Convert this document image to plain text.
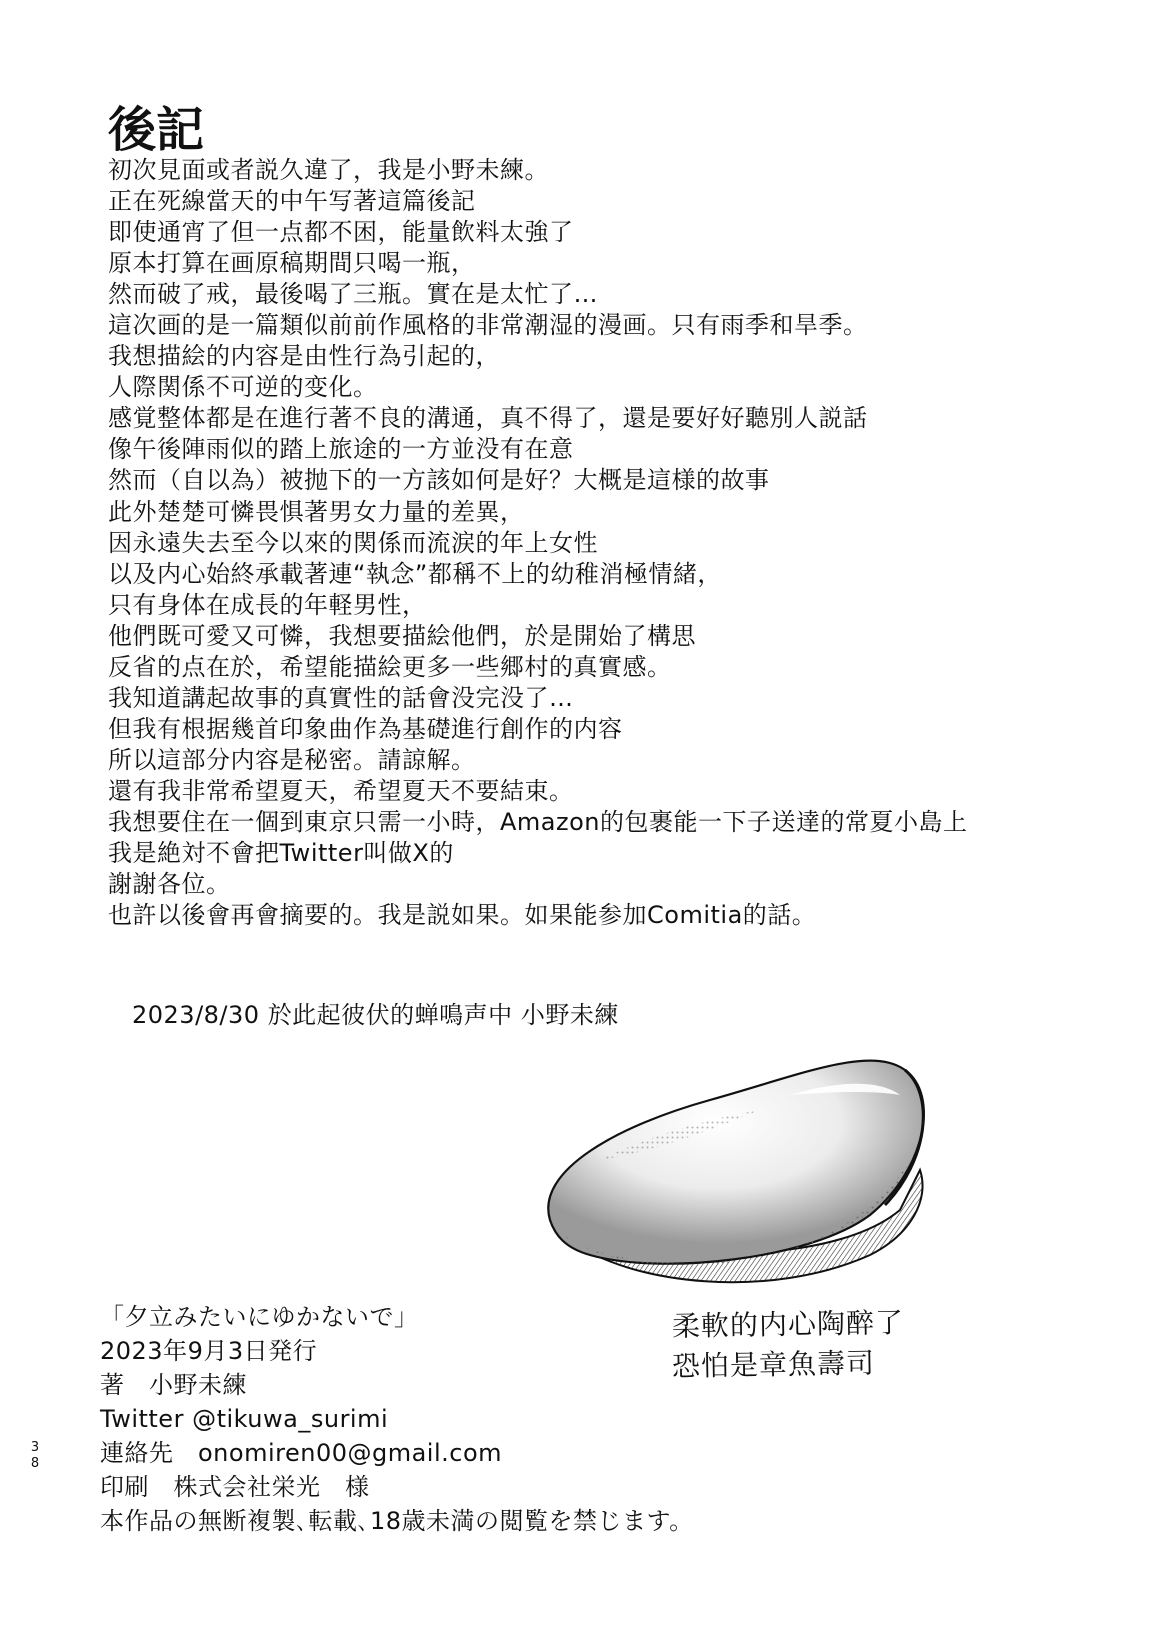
後記
初次見面或者説久違了，我是小野未練。
正在死線當天的中午写著這篇後記
即使通宵了但一点都不困，能量飲料太強了
原本打算在画原稿期間只喝一瓶，
然而破了戒，最後喝了三瓶。實在是太忙了…
這次画的是一篇類似前前作風格的非常潮湿的漫画。只有雨季和旱季。
我想描絵的内容是由性行為引起的，
人際関係不可逆的变化。
感覚整体都是在進行著不良的溝通，真不得了，還是要好好聽別人説話
像午後陣雨似的踏上旅途的一方並没有在意
然而（自以為）被抛下的一方該如何是好？大概是這様的故事
此外楚楚可憐畏惧著男女力量的差異，
因永遠失去至今以來的関係而流涙的年上女性
以及内心始終承載著連“執念”都稱不上的幼稚消極情緒，
只有身体在成長的年軽男性，
他們既可愛又可憐，我想要描絵他們，於是開始了構思
反省的点在於，希望能描絵更多一些郷村的真實感。
我知道講起故事的真實性的話會没完没了…
但我有根据幾首印象曲作為基礎進行創作的内容
所以這部分内容是秘密。請諒解。
還有我非常希望夏天，希望夏天不要結束。
我想要住在一個到東京只需一小時，Amazon的包裹能一下子送達的常夏小島上
我是絶対不會把Twitter叫做X的
謝謝各位。
也許以後會再會摘要的。我是説如果。如果能参加Comitia的話。
2023/8/30 於此起彼伏的蝉鳴声中 小野未練
柔軟的内心陶醉了
恐怕是章魚壽司
「夕立みたいにゆかないで」
2023年9月3日発行
著　小野未練
Twitter @tikuwa_surimi
連絡先　onomiren00@gmail.com
印刷　株式会社栄光　様
本作品の無断複製､転載､18歳未満の閲覧を禁じます。
38
